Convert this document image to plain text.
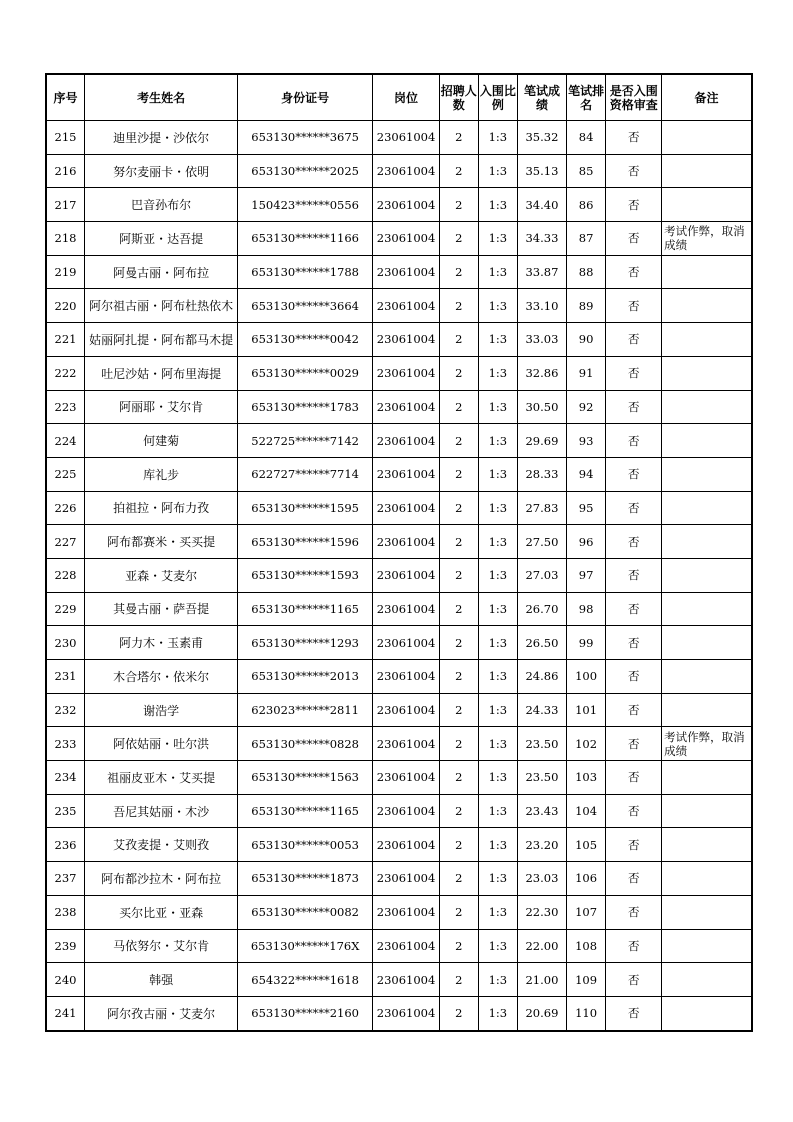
序号	考生姓名	身份证号	岗位	招聘人数	入围比例	笔试成绩	笔试排名	是否入围资格审查	备注
215	迪里沙提・沙依尔	653130******3675	23061004	2	1:3	35.32	84	否	
216	努尔麦丽卡・依明	653130******2025	23061004	2	1:3	35.13	85	否	
217	巴音孙布尔	150423******0556	23061004	2	1:3	34.40	86	否	
218	阿斯亚・达吾提	653130******1166	23061004	2	1:3	34.33	87	否	考试作弊，取消成绩
219	阿曼古丽・阿布拉	653130******1788	23061004	2	1:3	33.87	88	否	
220	阿尔祖古丽・阿布杜热依木	653130******3664	23061004	2	1:3	33.10	89	否	
221	姑丽阿扎提・阿布都马木提	653130******0042	23061004	2	1:3	33.03	90	否	
222	吐尼沙姑・阿布里海提	653130******0029	23061004	2	1:3	32.86	91	否	
223	阿丽耶・艾尔肯	653130******1783	23061004	2	1:3	30.50	92	否	
224	何建菊	522725******7142	23061004	2	1:3	29.69	93	否	
225	库礼步	622727******7714	23061004	2	1:3	28.33	94	否	
226	拍祖拉・阿布力孜	653130******1595	23061004	2	1:3	27.83	95	否	
227	阿布都赛米・买买提	653130******1596	23061004	2	1:3	27.50	96	否	
228	亚森・艾麦尔	653130******1593	23061004	2	1:3	27.03	97	否	
229	其曼古丽・萨吾提	653130******1165	23061004	2	1:3	26.70	98	否	
230	阿力木・玉素甫	653130******1293	23061004	2	1:3	26.50	99	否	
231	木合塔尔・依米尔	653130******2013	23061004	2	1:3	24.86	100	否	
232	谢浩学	623023******2811	23061004	2	1:3	24.33	101	否	
233	阿依姑丽・吐尔洪	653130******0828	23061004	2	1:3	23.50	102	否	考试作弊，取消成绩
234	祖丽皮亚木・艾买提	653130******1563	23061004	2	1:3	23.50	103	否	
235	吾尼其姑丽・木沙	653130******1165	23061004	2	1:3	23.43	104	否	
236	艾孜麦提・艾则孜	653130******0053	23061004	2	1:3	23.20	105	否	
237	阿布都沙拉木・阿布拉	653130******1873	23061004	2	1:3	23.03	106	否	
238	买尔比亚・亚森	653130******0082	23061004	2	1:3	22.30	107	否	
239	马依努尔・艾尔肯	653130******176X	23061004	2	1:3	22.00	108	否	
240	韩强	654322******1618	23061004	2	1:3	21.00	109	否	
241	阿尔孜古丽・艾麦尔	653130******2160	23061004	2	1:3	20.69	110	否	
